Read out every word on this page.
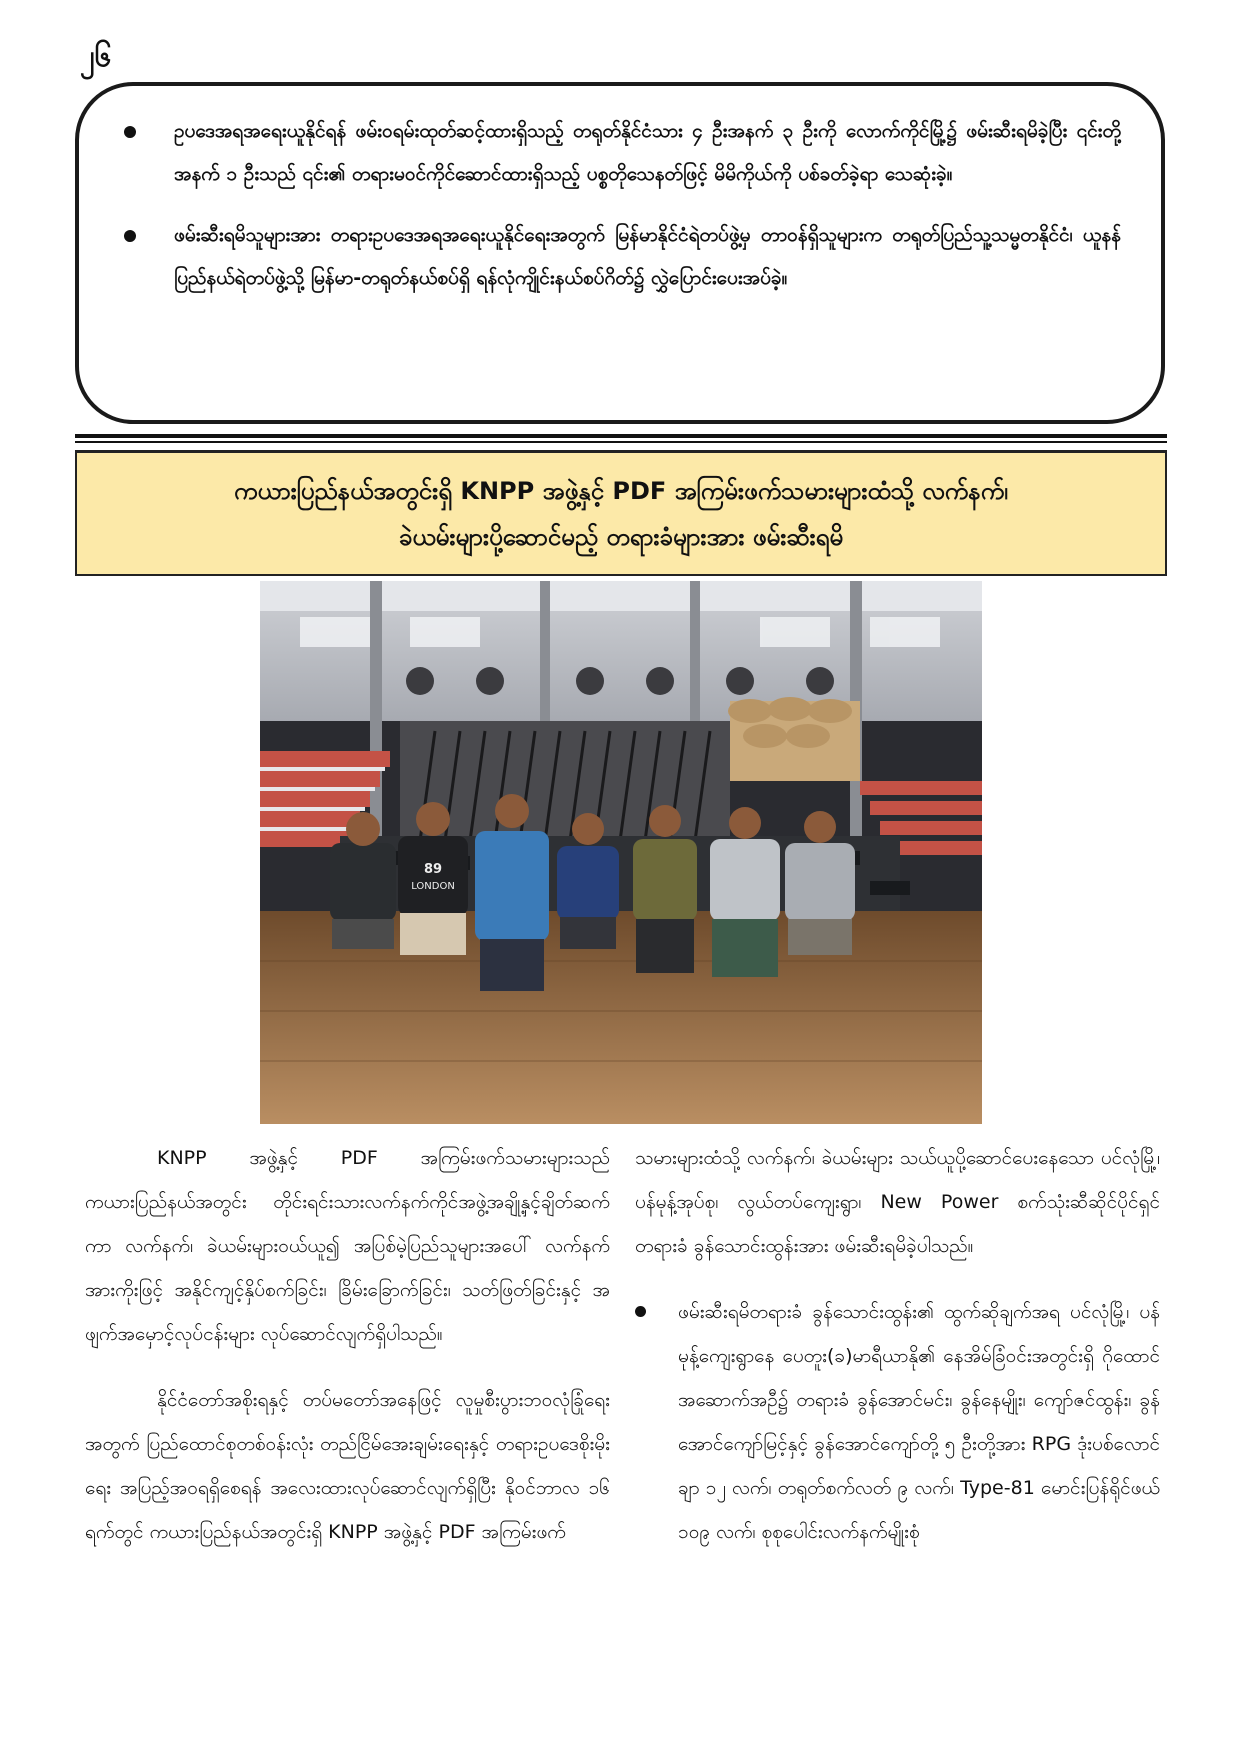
၂၆
ဥပဒေအရအရေးယူနိုင်ရန် ဖမ်းဝရမ်းထုတ်ဆင့်ထားရှိသည့် တရုတ်နိုင်ငံသား ၄ ဦးအနက် ၃ ဦးကို လောက်ကိုင်မြို့၌ ဖမ်းဆီးရမိခဲ့ပြီး ၎င်းတို့အနက် ၁ ဦးသည် ၎င်း၏ တရားမဝင်ကိုင်ဆောင်ထားရှိသည့် ပစ္စတိုသေနတ်ဖြင့် မိမိကိုယ်ကို ပစ်ခတ်ခဲ့ရာ သေဆုံးခဲ့။
ဖမ်းဆီးရမိသူများအား တရားဥပဒေအရအရေးယူနိုင်ရေးအတွက် မြန်မာနိုင်ငံရဲတပ်ဖွဲ့မှ တာဝန်ရှိသူများက တရုတ်ပြည်သူ့သမ္မတနိုင်ငံ၊ ယူနန်ပြည်နယ်ရဲတပ်ဖွဲ့သို့ မြန်မာ-တရုတ်နယ်စပ်ရှိ ရန်လုံကျိုင်းနယ်စပ်ဂိတ်၌ လွှဲပြောင်းပေးအပ်ခဲ့။
ကယားပြည်နယ်အတွင်းရှိ KNPP အဖွဲ့နှင့် PDF အကြမ်းဖက်သမားများထံသို့ လက်နက်၊
ခဲယမ်းများပို့ဆောင်မည့် တရားခံများအား ဖမ်းဆီးရမိ
89
LONDON

KNPP အဖွဲ့နှင့် PDF အကြမ်းဖက်သမားများသည် ကယားပြည်နယ်အတွင်း တိုင်းရင်းသားလက်နက်ကိုင်အဖွဲ့အချို့နှင့်ချိတ်ဆက်ကာ လက်နက်၊ ခဲယမ်းများဝယ်ယူ၍ အပြစ်မဲ့ပြည်သူများအပေါ် လက်နက်အားကိုးဖြင့် အနိုင်ကျင့်နှိပ်စက်ခြင်း၊ ခြိမ်းခြောက်ခြင်း၊ သတ်ဖြတ်ခြင်းနှင့် အဖျက်အမှောင့်လုပ်ငန်းများ လုပ်ဆောင်လျက်ရှိပါသည်။

နိုင်ငံတော်အစိုးရနှင့် တပ်မတော်အနေဖြင့် လူမှုစီးပွားဘဝလုံခြုံရေးအတွက် ပြည်ထောင်စုတစ်ဝန်းလုံး တည်ငြိမ်အေးချမ်းရေးနှင့် တရားဥပဒေစိုးမိုးရေး အပြည့်အဝရရှိစေရန် အလေးထားလုပ်ဆောင်လျက်ရှိပြီး နိုဝင်ဘာလ ၁၆ ရက်တွင် ကယားပြည်နယ်အတွင်းရှိ KNPP အဖွဲ့နှင့် PDF အကြမ်းဖက်

သမားများထံသို့ လက်နက်၊ ခဲယမ်းများ သယ်ယူပို့ဆောင်ပေးနေသော ပင်လုံမြို့၊ ပန်မုန့်အုပ်စု၊ လွယ်တပ်ကျေးရွာ၊ New Power စက်သုံးဆီဆိုင်ပိုင်ရှင် တရားခံ ခွန်သောင်းထွန်းအား ဖမ်းဆီးရမိခဲ့ပါသည်။

ဖမ်းဆီးရမိတရားခံ ခွန်သောင်းထွန်း၏ ထွက်ဆိုချက်အရ ပင်လုံမြို့၊ ပန်မုန့်ကျေးရွာနေ ပေတူး(ခ)မာရီယာနို၏ နေအိမ်ခြံဝင်းအတွင်းရှိ ဂိုထောင်အဆောက်အဦ၌ တရားခံ ခွန်အောင်မင်း၊ ခွန်နေမျိုး၊ ကျော်ဇင်ထွန်း၊ ခွန်အောင်ကျော်မြင့်နှင့် ခွန်အောင်ကျော်တို့ ၅ ဦးတို့အား RPG ဒုံးပစ်လောင်ချာ ၁၂ လက်၊ တရုတ်စက်လတ် ၉ လက်၊ Type-81 မောင်းပြန်ရိုင်ဖယ် ၁၀၉ လက်၊ စုစုပေါင်းလက်နက်မျိုးစုံ
